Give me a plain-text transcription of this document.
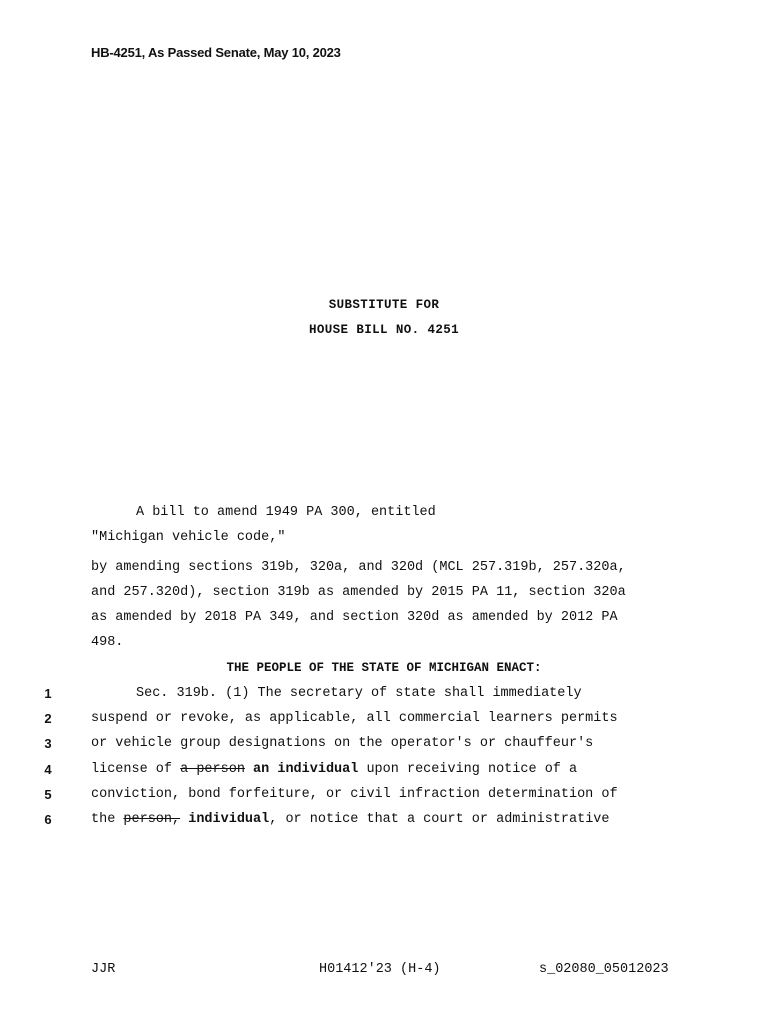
HB-4251, As Passed Senate, May 10, 2023
SUBSTITUTE FOR
HOUSE BILL NO. 4251
A bill to amend 1949 PA 300, entitled
"Michigan vehicle code,"
by amending sections 319b, 320a, and 320d (MCL 257.319b, 257.320a,
and 257.320d), section 319b as amended by 2015 PA 11, section 320a
as amended by 2018 PA 349, and section 320d as amended by 2012 PA
498.
THE PEOPLE OF THE STATE OF MICHIGAN ENACT:
1	Sec. 319b. (1) The secretary of state shall immediately
2	suspend or revoke, as applicable, all commercial learners permits
3	or vehicle group designations on the operator's or chauffeur's
4	license of a person an individual upon receiving notice of a
5	conviction, bond forfeiture, or civil infraction determination of
6	the person, individual, or notice that a court or administrative
JJR	H01412'23 (H-4)	s_02080_05012023
